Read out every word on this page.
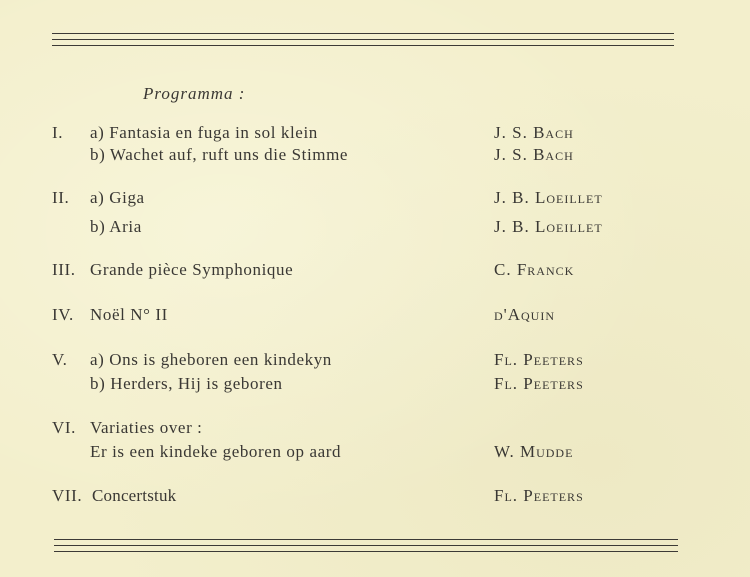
Programma :
I. a) Fantasia en fuga in sol klein	J. S. Bach
b) Wachet auf, ruft uns die Stimme	J. S. Bach
II. a) Giga	J. B. Loeillet
b) Aria	J. B. Loeillet
III. Grande pièce Symphonique	C. Franck
IV. Noël N° II	d'Aquin
V. a) Ons is gheboren een kindekyn	Fl. Peeters
b) Herders, Hij is geboren	Fl. Peeters
VI. Variaties over :
Er is een kindeke geboren op aard	W. Mudde
VII. Concertstuk	Fl. Peeters
